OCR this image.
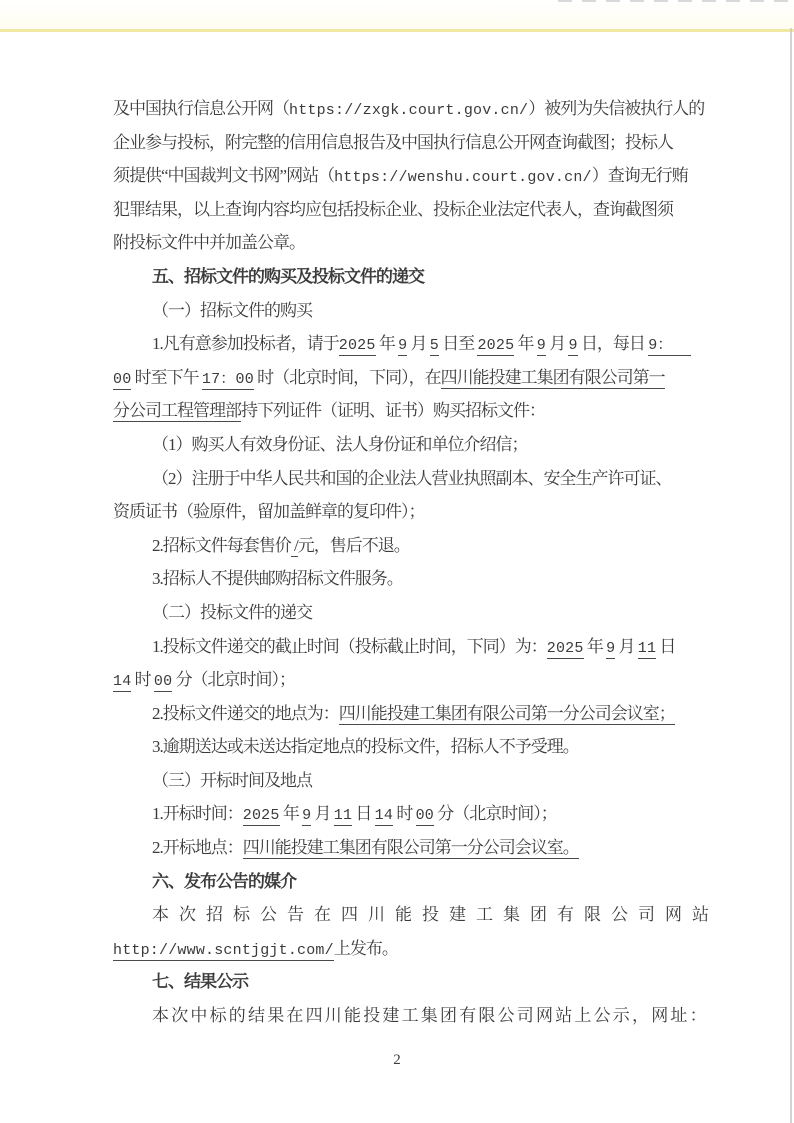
及中国执行信息公开网（https://zxgk.court.gov.cn/）被列为失信被执行人的
企业参与投标，附完整的信用信息报告及中国执行信息公开网查询截图；投标人
须提供“中国裁判文书网”网站（https://wenshu.court.gov.cn/）查询无行贿
犯罪结果，以上查询内容均应包括投标企业、投标企业法定代表人，查询截图须
附投标文件中并加盖公章。
五、招标文件的购买及投标文件的递交
（一）招标文件的购买
1.凡有意参加投标者，请于2025 年 9 月 5 日至 2025 年 9 月 9 日，每日 9：
00 时至下午 17：00 时（北京时间，下同），在四川能投建工集团有限公司第一
分公司工程管理部持下列证件（证明、证书）购买招标文件：
（1）购买人有效身份证、法人身份证和单位介绍信；
（2）注册于中华人民共和国的企业法人营业执照副本、安全生产许可证、
资质证书（验原件，留加盖鲜章的复印件）；
2.招标文件每套售价 /元，售后不退。
3.招标人不提供邮购招标文件服务。
（二）投标文件的递交
1.投标文件递交的截止时间（投标截止时间，下同）为：2025 年 9 月 11 日
14 时 00 分（北京时间）；
2.投标文件递交的地点为：四川能投建工集团有限公司第一分公司会议室；
3.逾期送达或未送达指定地点的投标文件，招标人不予受理。
（三）开标时间及地点
1.开标时间：2025 年 9 月 11 日 14 时 00 分（北京时间）；
2.开标地点：四川能投建工集团有限公司第一分公司会议室。
六、发布公告的媒介
本次招标公告在四川能投建工集团有限公司网站
http://www.scntjgjt.com/上发布。
七、结果公示
本次中标的结果在四川能投建工集团有限公司网站上公示，网址：
2
